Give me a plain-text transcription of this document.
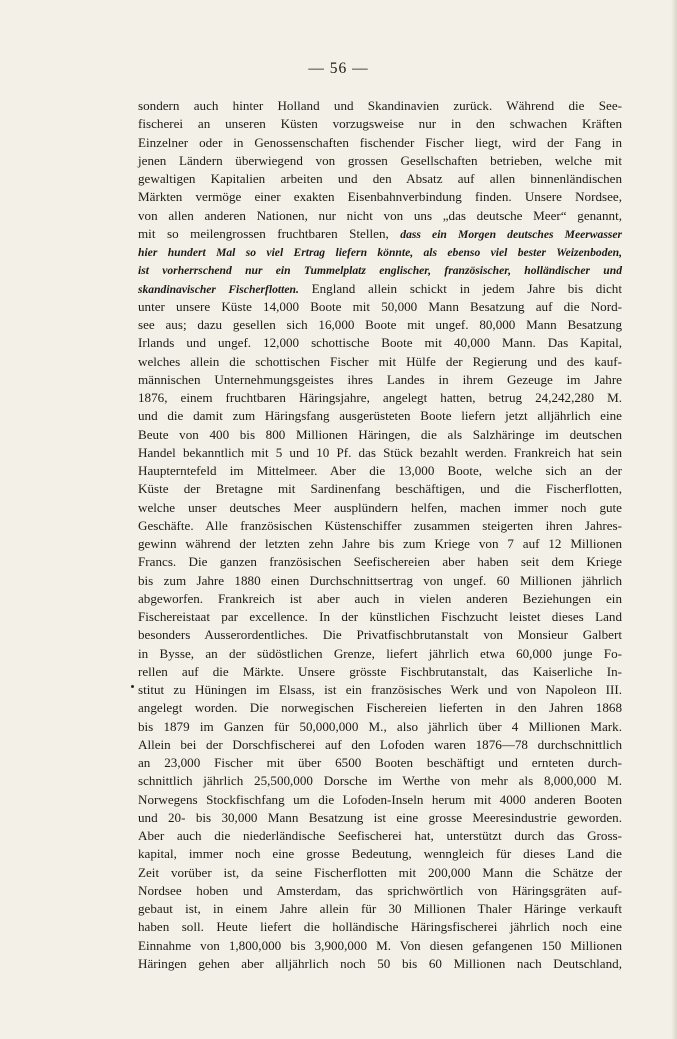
— 56 —
sondern auch hinter Holland und Skandinavien zurück. Während die See-
fischerei an unseren Küsten vorzugsweise nur in den schwachen Kräften
Einzelner oder in Genossenschaften fischender Fischer liegt, wird der Fang in
jenen Ländern überwiegend von grossen Gesellschaften betrieben, welche mit
gewaltigen Kapitalien arbeiten und den Absatz auf allen binnenländischen
Märkten vermöge einer exakten Eisenbahnverbindung finden. Unsere Nordsee,
von allen anderen Nationen, nur nicht von uns „das deutsche Meer“ genannt,
mit so meilengrossen fruchtbaren Stellen, dass ein Morgen deutsches Meerwasser
hier hundert Mal so viel Ertrag liefern könnte, als ebenso viel bester Weizenboden,
ist vorherrschend nur ein Tummelplatz englischer, französischer, holländischer und
skandinavischer Fischerflotten. England allein schickt in jedem Jahre bis dicht
unter unsere Küste 14,000 Boote mit 50,000 Mann Besatzung auf die Nord-
see aus; dazu gesellen sich 16,000 Boote mit ungef. 80,000 Mann Besatzung
Irlands und ungef. 12,000 schottische Boote mit 40,000 Mann. Das Kapital,
welches allein die schottischen Fischer mit Hülfe der Regierung und des kauf-
männischen Unternehmungsgeistes ihres Landes in ihrem Gezeuge im Jahre
1876, einem fruchtbaren Häringsjahre, angelegt hatten, betrug 24,242,280 M.
und die damit zum Häringsfang ausgerüsteten Boote liefern jetzt alljährlich eine
Beute von 400 bis 800 Millionen Häringen, die als Salzhäringe im deutschen
Handel bekanntlich mit 5 und 10 Pf. das Stück bezahlt werden. Frankreich hat sein
Haupterntefeld im Mittelmeer. Aber die 13,000 Boote, welche sich an der
Küste der Bretagne mit Sardinenfang beschäftigen, und die Fischerflotten,
welche unser deutsches Meer ausplündern helfen, machen immer noch gute
Geschäfte. Alle französischen Küstenschiffer zusammen steigerten ihren Jahres-
gewinn während der letzten zehn Jahre bis zum Kriege von 7 auf 12 Millionen
Francs. Die ganzen französischen Seefischereien aber haben seit dem Kriege
bis zum Jahre 1880 einen Durchschnittsertrag von ungef. 60 Millionen jährlich
abgeworfen. Frankreich ist aber auch in vielen anderen Beziehungen ein
Fischereistaat par excellence. In der künstlichen Fischzucht leistet dieses Land
besonders Ausserordentliches. Die Privatfischbrutanstalt von Monsieur Galbert
in Bysse, an der südöstlichen Grenze, liefert jährlich etwa 60,000 junge Fo-
rellen auf die Märkte. Unsere grösste Fischbrutanstalt, das Kaiserliche In-
stitut zu Hüningen im Elsass, ist ein französisches Werk und von Napoleon III.
angelegt worden. Die norwegischen Fischereien lieferten in den Jahren 1868
bis 1879 im Ganzen für 50,000,000 M., also jährlich über 4 Millionen Mark.
Allein bei der Dorschfischerei auf den Lofoden waren 1876—78 durchschnittlich
an 23,000 Fischer mit über 6500 Booten beschäftigt und ernteten durch-
schnittlich jährlich 25,500,000 Dorsche im Werthe von mehr als 8,000,000 M.
Norwegens Stockfischfang um die Lofoden-Inseln herum mit 4000 anderen Booten
und 20- bis 30,000 Mann Besatzung ist eine grosse Meeresindustrie geworden.
Aber auch die niederländische Seefischerei hat, unterstützt durch das Gross-
kapital, immer noch eine grosse Bedeutung, wenngleich für dieses Land die
Zeit vorüber ist, da seine Fischerflotten mit 200,000 Mann die Schätze der
Nordsee hoben und Amsterdam, das sprichwörtlich von Häringsgräten auf-
gebaut ist, in einem Jahre allein für 30 Millionen Thaler Häringe verkauft
haben soll. Heute liefert die holländische Häringsfischerei jährlich noch eine
Einnahme von 1,800,000 bis 3,900,000 M. Von diesen gefangenen 150 Millionen
Häringen gehen aber alljährlich noch 50 bis 60 Millionen nach Deutschland,
